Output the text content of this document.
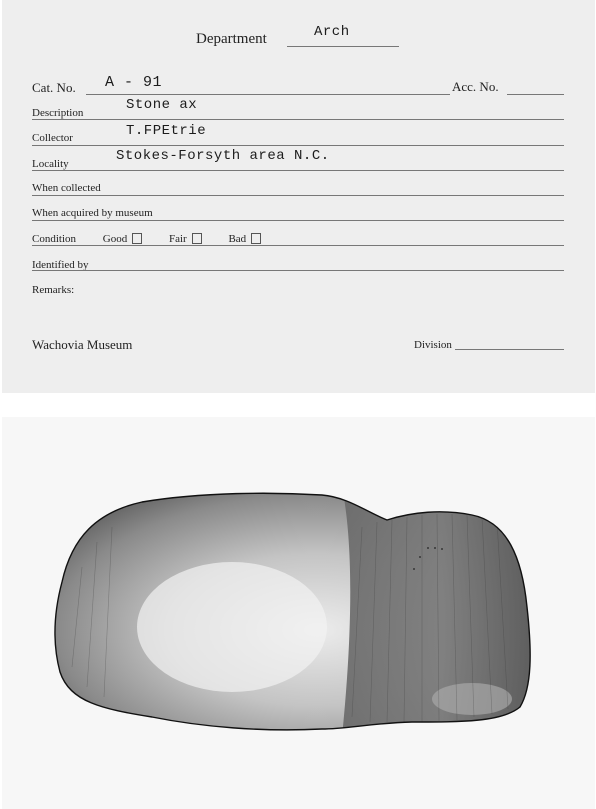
Department	Arch
Cat. No. A - 91	Acc. No.
Description	Stone ax
Collector	T.FPEtrie
Locality	Stokes-Forsyth area N.C.
When collected
When acquired by museum
Condition Good	Fair	Bad
Identified by
Remarks:
Wachovia Museum	Division
